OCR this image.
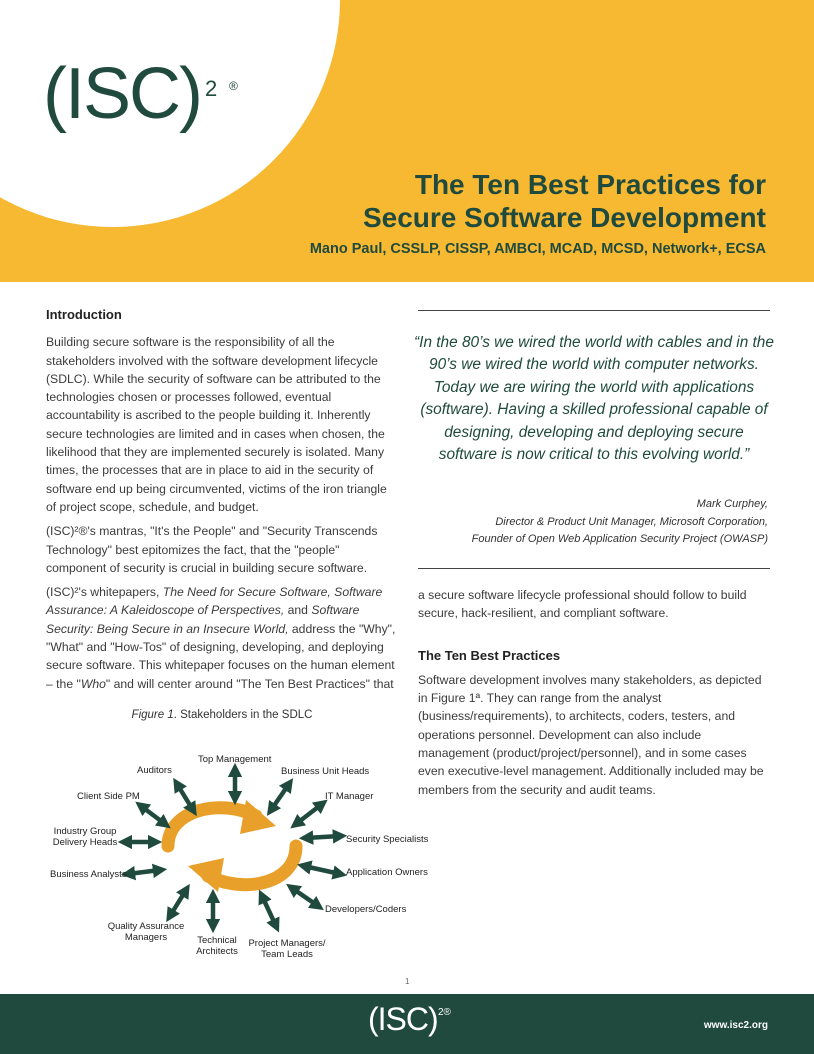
(ISC) 2 ®
The Ten Best Practices for
Secure Software Development
Mano Paul, CSSLP, CISSP, AMBCI, MCAD, MCSD, Network+, ECSA
Introduction

Building secure software is the responsibility of all the stakeholders involved with the software development lifecycle (SDLC). While the security of software can be attributed to the technologies chosen or processes followed, eventual accountability is ascribed to the people building it. Inherently secure technologies are limited and in cases when chosen, the likelihood that they are implemented securely is isolated. Many times, the processes that are in place to aid in the security of software end up being circumvented, victims of the iron triangle of project scope, schedule, and budget.

(ISC)²®'s mantras, "It's the People" and "Security Transcends Technology" best epitomizes the fact, that the "people" component of security is crucial in building secure software.

(ISC)²'s whitepapers, The Need for Secure Software, Software Assurance: A Kaleidoscope of Perspectives, and Software Security: Being Secure in an Insecure World, address the "Why", "What" and "How-Tos" of designing, developing, and deploying secure software. This whitepaper focuses on the human element – the "Who" and will center around "The Ten Best Practices" that

“In the 80’s we wired the world with cables and in the 90’s we wired the world with computer networks. Today we are wiring the world with applications (software). Having a skilled professional capable of designing, developing and deploying secure software is now critical to this evolving world.”
Mark Curphey,
Director & Product Unit Manager, Microsoft Corporation,
Founder of Open Web Application Security Project (OWASP)

a secure software lifecycle professional should follow to build secure, hack-resilient, and compliant software.

The Ten Best Practices

Software development involves many stakeholders, as depicted in Figure 1ª. They can range from the analyst (business/requirements), to architects, coders, testers, and operations personnel. Development can also include management (product/project/personnel), and in some cases even executive-level management. Additionally included may be members from the security and audit teams.

Figure 1. Stakeholders in the SDLC
Top Management
Auditors	Business Unit Heads
Client Side PM	IT Manager
Industry Group Delivery Heads	Security Specialists
Business Analysts	Application Owners
Developers/Coders
Quality Assurance Managers	Technical Architects
Project Managers/ Team Leads
1
(ISC) 2®
www.isc2.org
